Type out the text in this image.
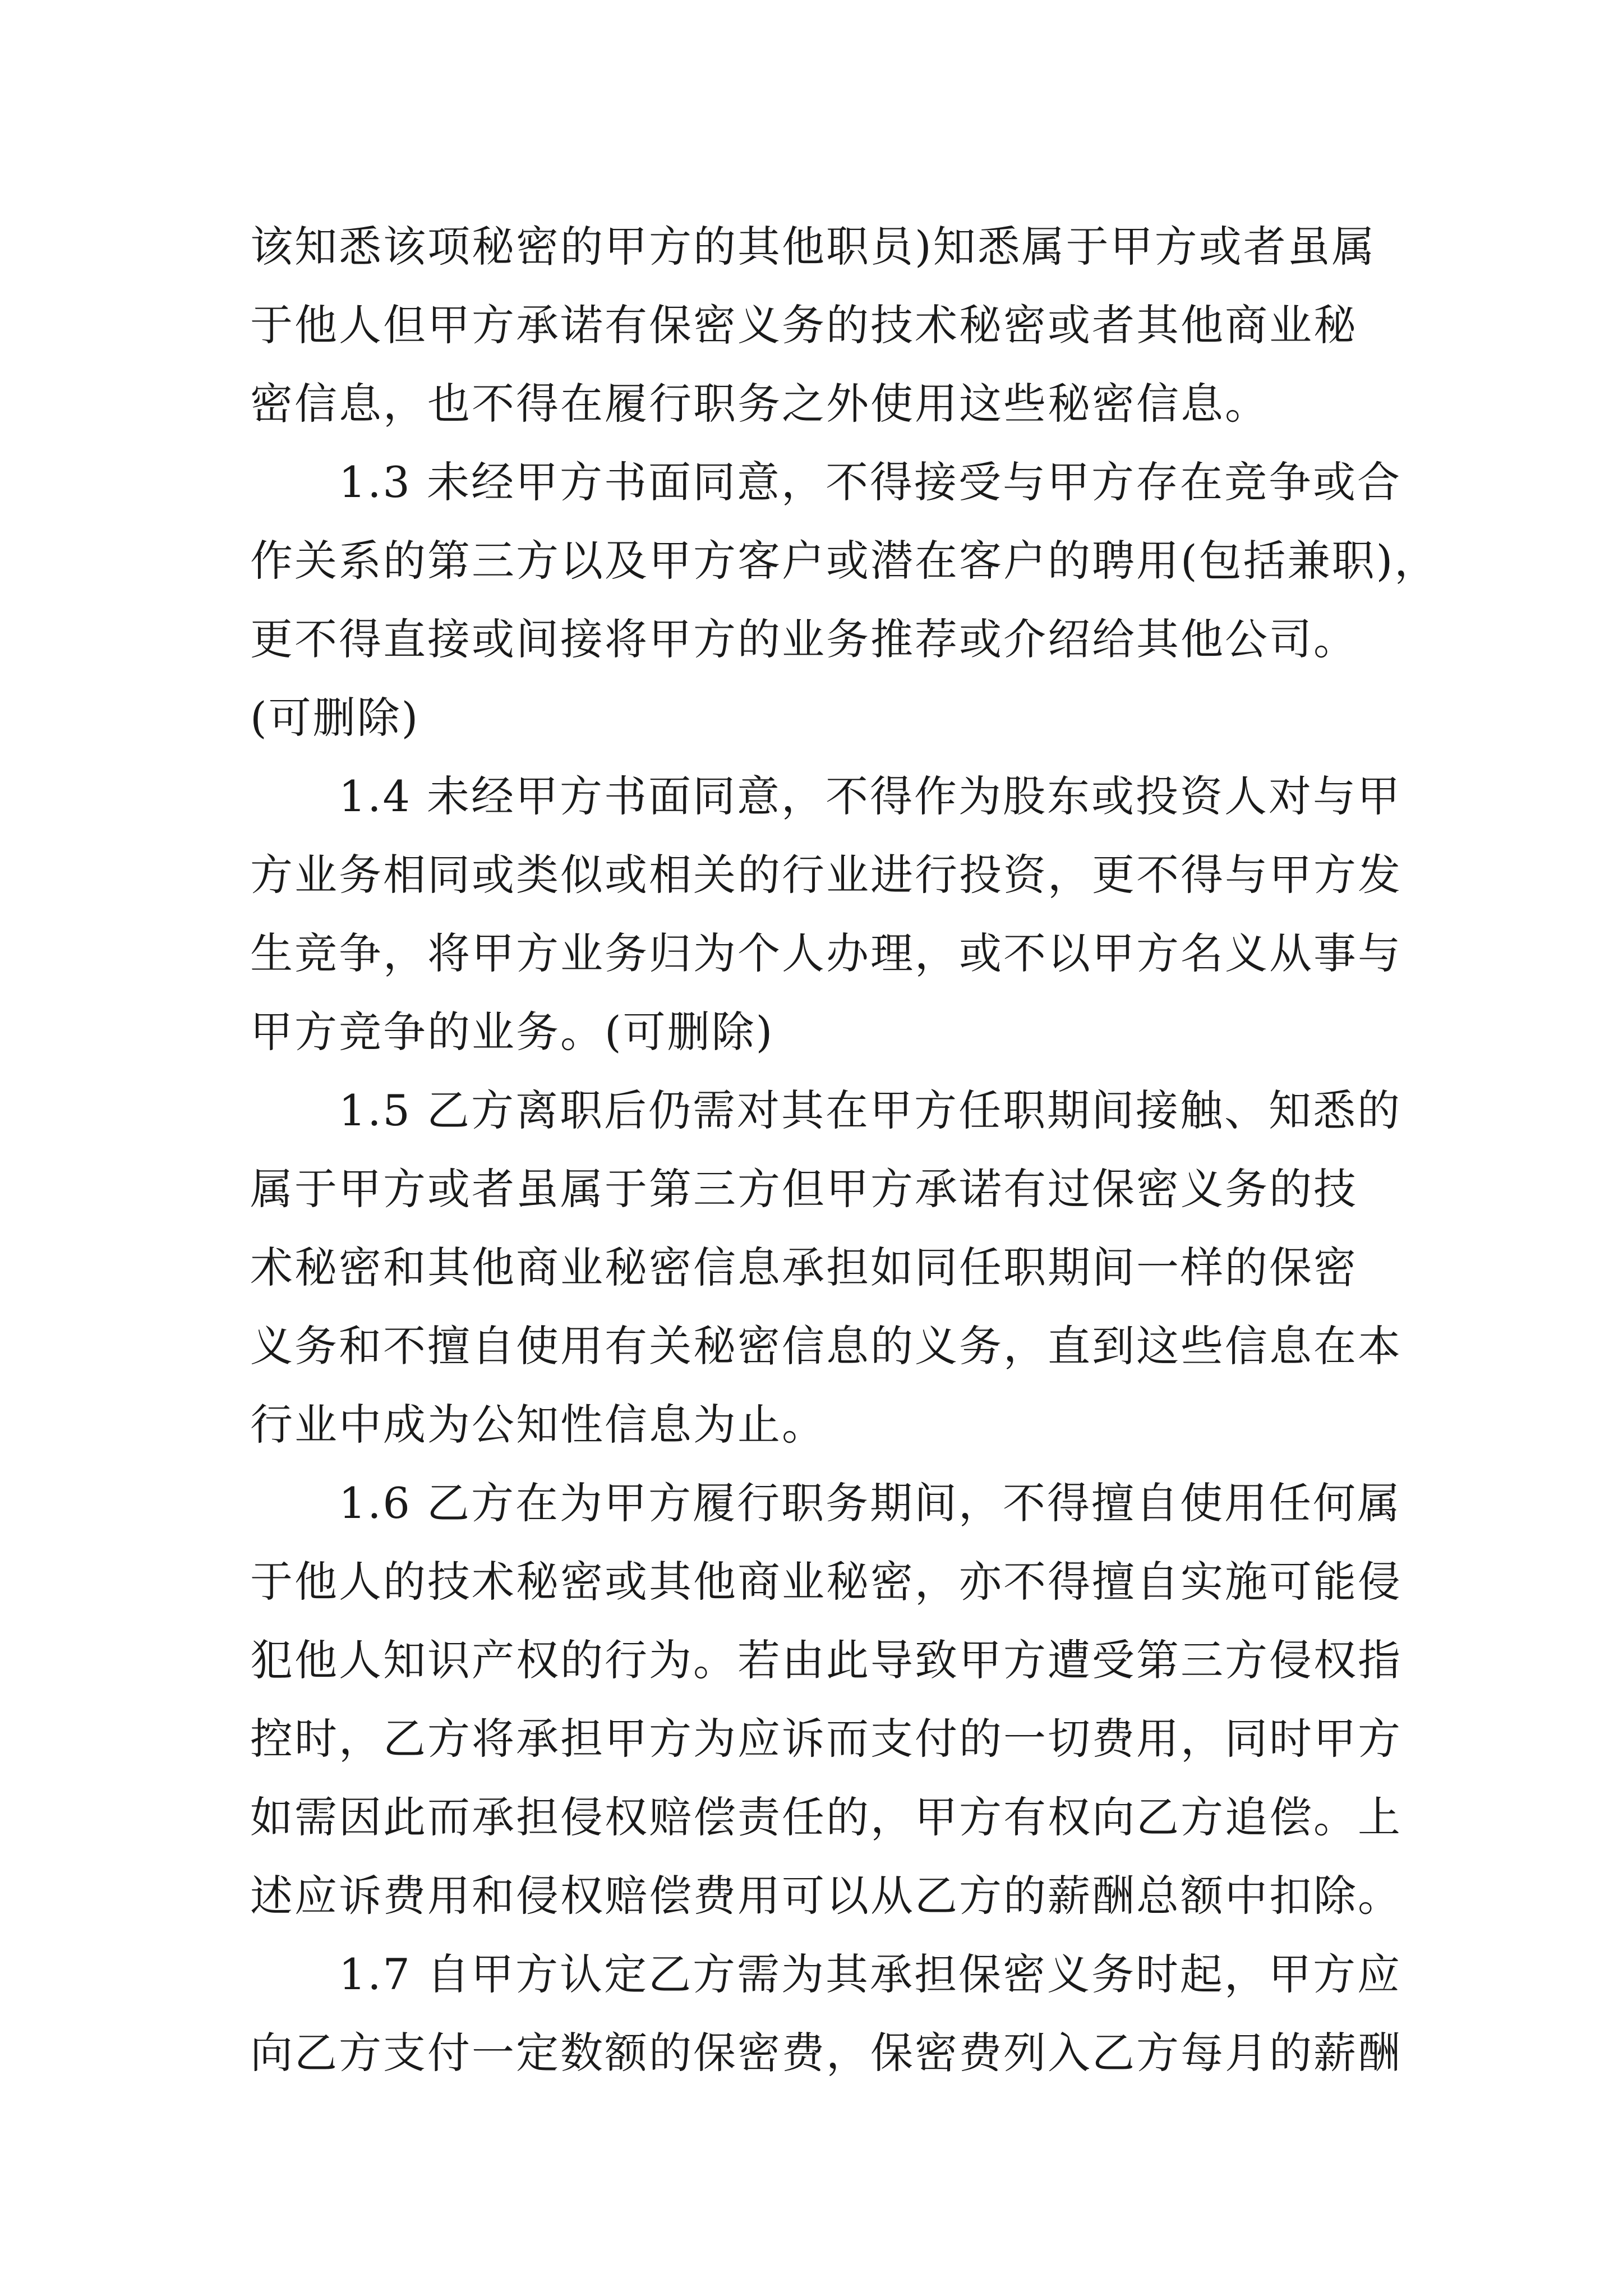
该知悉该项秘密的甲方的其他职员)知悉属于甲方或者虽属
于他人但甲方承诺有保密义务的技术秘密或者其他商业秘
密信息，也不得在履行职务之外使用这些秘密信息。
1.3 未经甲方书面同意，不得接受与甲方存在竞争或合
作关系的第三方以及甲方客户或潜在客户的聘用(包括兼职)，
更不得直接或间接将甲方的业务推荐或介绍给其他公司。
(可删除)
1.4 未经甲方书面同意，不得作为股东或投资人对与甲
方业务相同或类似或相关的行业进行投资，更不得与甲方发
生竞争，将甲方业务归为个人办理，或不以甲方名义从事与
甲方竞争的业务。(可删除)
1.5 乙方离职后仍需对其在甲方任职期间接触、知悉的
属于甲方或者虽属于第三方但甲方承诺有过保密义务的技
术秘密和其他商业秘密信息承担如同任职期间一样的保密
义务和不擅自使用有关秘密信息的义务，直到这些信息在本
行业中成为公知性信息为止。
1.6 乙方在为甲方履行职务期间，不得擅自使用任何属
于他人的技术秘密或其他商业秘密，亦不得擅自实施可能侵
犯他人知识产权的行为。若由此导致甲方遭受第三方侵权指
控时，乙方将承担甲方为应诉而支付的一切费用，同时甲方
如需因此而承担侵权赔偿责任的，甲方有权向乙方追偿。上
述应诉费用和侵权赔偿费用可以从乙方的薪酬总额中扣除。
1.7 自甲方认定乙方需为其承担保密义务时起，甲方应
向乙方支付一定数额的保密费，保密费列入乙方每月的薪酬
